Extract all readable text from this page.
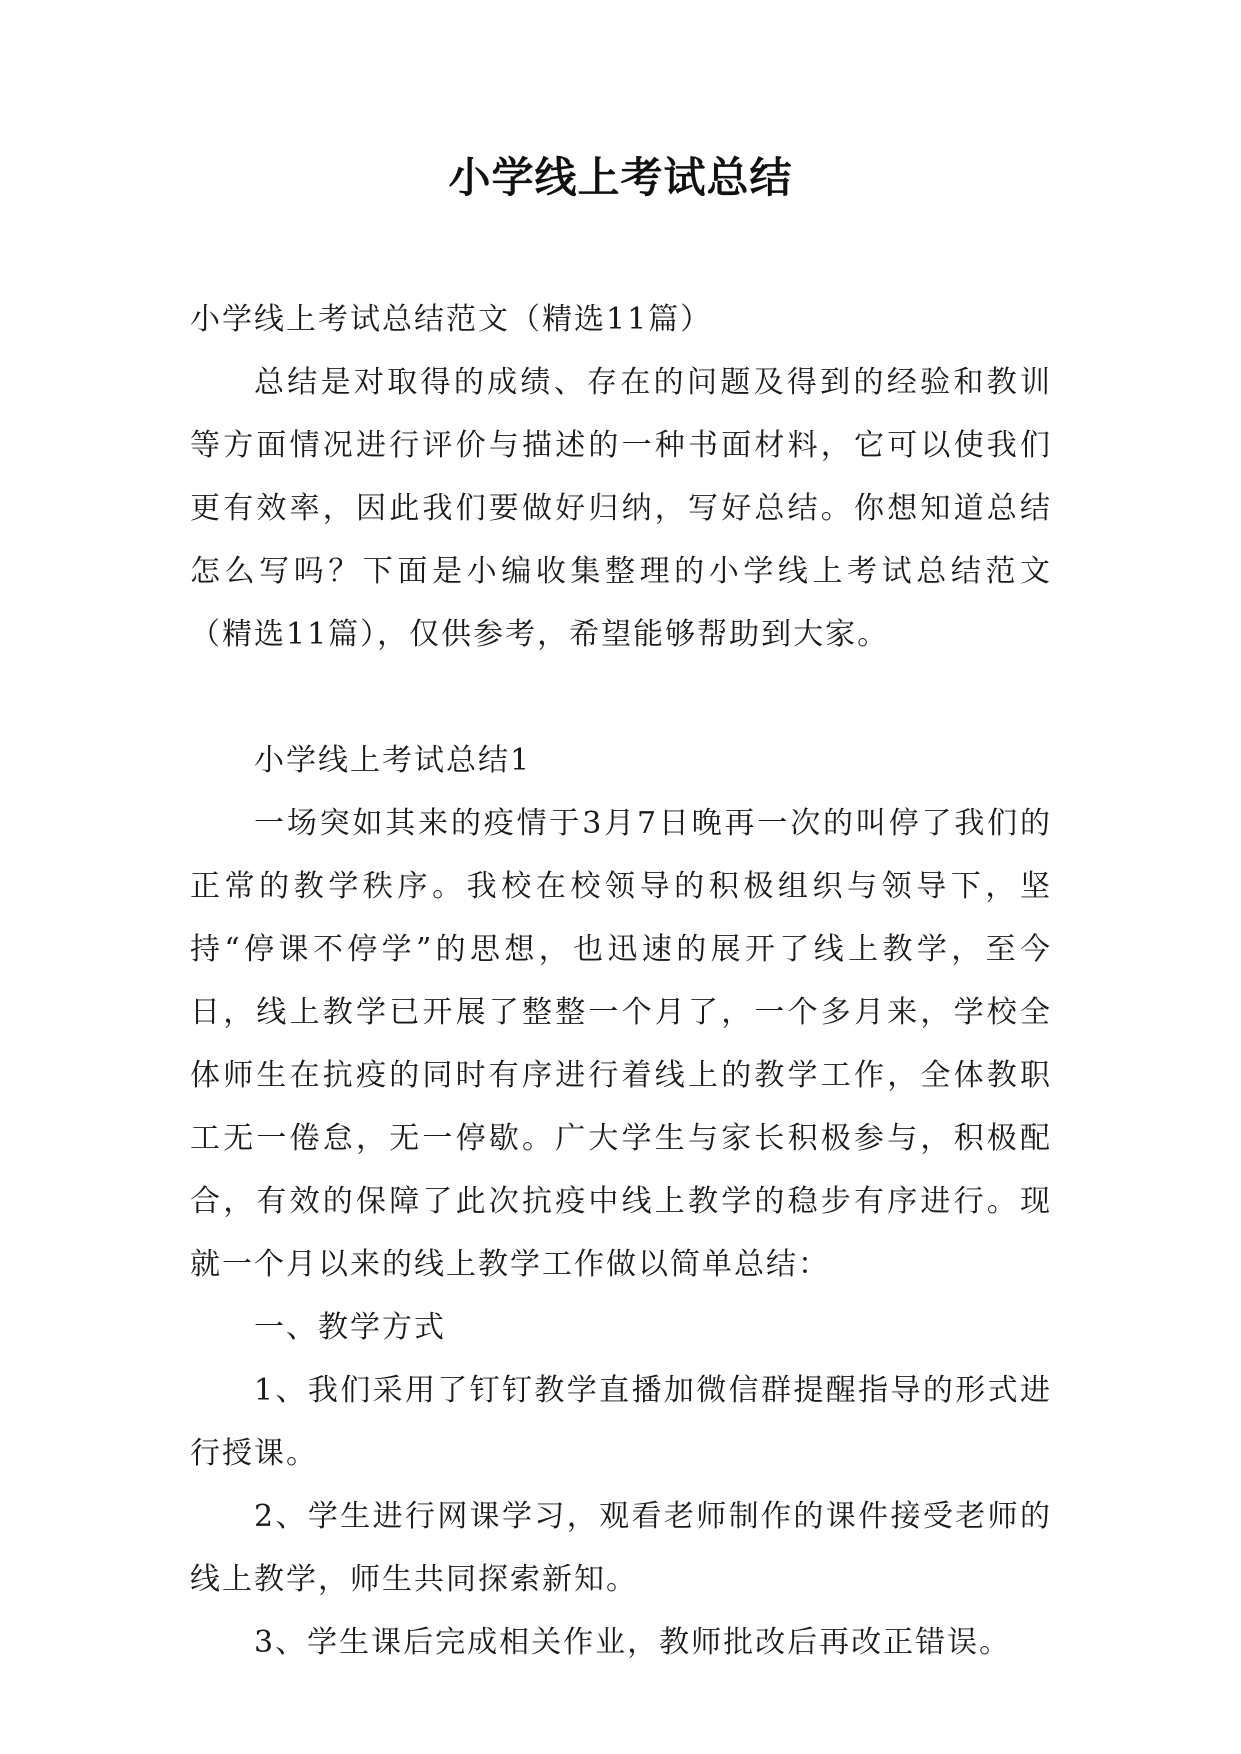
小学线上考试总结

小学线上考试总结范文（精选11篇）

总结是对取得的成绩、存在的问题及得到的经验和教训等方面情况进行评价与描述的一种书面材料，它可以使我们更有效率，因此我们要做好归纳，写好总结。你想知道总结怎么写吗？下面是小编收集整理的小学线上考试总结范文（精选11篇），仅供参考，希望能够帮助到大家。

小学线上考试总结1

一场突如其来的疫情于3月7日晚再一次的叫停了我们的正常的教学秩序。我校在校领导的积极组织与领导下，坚持“停课不停学”的思想，也迅速的展开了线上教学，至今日，线上教学已开展了整整一个月了，一个多月来，学校全体师生在抗疫的同时有序进行着线上的教学工作，全体教职工无一倦怠，无一停歇。广大学生与家长积极参与，积极配合，有效的保障了此次抗疫中线上教学的稳步有序进行。现就一个月以来的线上教学工作做以简单总结：

一、教学方式

1、我们采用了钉钉教学直播加微信群提醒指导的形式进行授课。

2、学生进行网课学习，观看老师制作的课件接受老师的线上教学，师生共同探索新知。

3、学生课后完成相关作业，教师批改后再改正错误。
